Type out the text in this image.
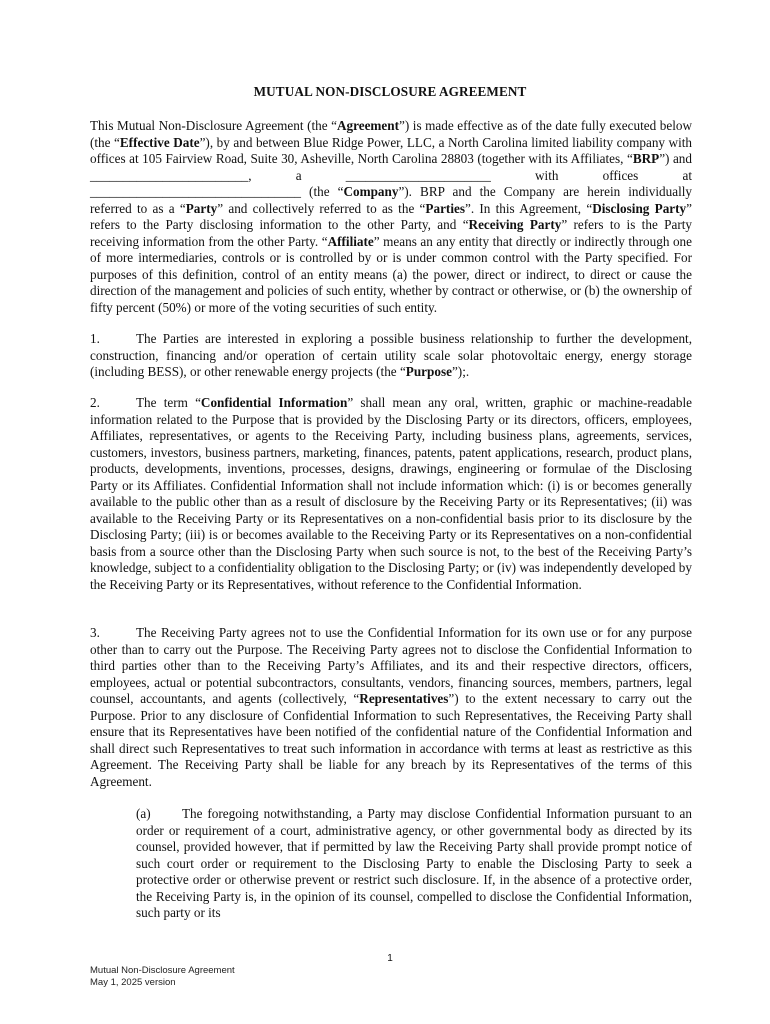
MUTUAL NON-DISCLOSURE AGREEMENT

This Mutual Non-Disclosure Agreement (the “Agreement”) is made effective as of the date fully executed below (the “Effective Date”), by and between Blue Ridge Power, LLC, a North Carolina limited liability company with offices at 105 Fairview Road, Suite 30, Asheville, North Carolina 28803 (together with its Affiliates, “BRP”) and ________________________, a ______________________ with offices at ________________________________ (the “Company”). BRP and the Company are herein individually referred to as a “Party” and collectively referred to as the “Parties”. In this Agreement, “Disclosing Party” refers to the Party disclosing information to the other Party, and “Receiving Party” refers to is the Party receiving information from the other Party. “Affiliate” means an any entity that directly or indirectly through one of more intermediaries, controls or is controlled by or is under common control with the Party specified. For purposes of this definition, control of an entity means (a) the power, direct or indirect, to direct or cause the direction of the management and policies of such entity, whether by contract or otherwise, or (b) the ownership of fifty percent (50%) or more of the voting securities of such entity.

1.	The Parties are interested in exploring a possible business relationship to further the development, construction, financing and/or operation of certain utility scale solar photovoltaic energy, energy storage (including BESS), or other renewable energy projects (the “Purpose”);.

2.	The term “Confidential Information” shall mean any oral, written, graphic or machine-readable information related to the Purpose that is provided by the Disclosing Party or its directors, officers, employees, Affiliates, representatives, or agents to the Receiving Party, including business plans, agreements, services, customers, investors, business partners, marketing, finances, patents, patent applications, research, product plans, products, developments, inventions, processes, designs, drawings, engineering or formulae of the Disclosing Party or its Affiliates. Confidential Information shall not include information which: (i) is or becomes generally available to the public other than as a result of disclosure by the Receiving Party or its Representatives; (ii) was available to the Receiving Party or its Representatives on a non-confidential basis prior to its disclosure by the Disclosing Party; (iii) is or becomes available to the Receiving Party or its Representatives on a non-confidential basis from a source other than the Disclosing Party when such source is not, to the best of the Receiving Party’s knowledge, subject to a confidentiality obligation to the Disclosing Party; or (iv) was independently developed by the Receiving Party or its Representatives, without reference to the Confidential Information.

3.	The Receiving Party agrees not to use the Confidential Information for its own use or for any purpose other than to carry out the Purpose. The Receiving Party agrees not to disclose the Confidential Information to third parties other than to the Receiving Party’s Affiliates, and its and their respective directors, officers, employees, actual or potential subcontractors, consultants, vendors, financing sources, members, partners, legal counsel, accountants, and agents (collectively, “Representatives”) to the extent necessary to carry out the Purpose. Prior to any disclosure of Confidential Information to such Representatives, the Receiving Party shall ensure that its Representatives have been notified of the confidential nature of the Confidential Information and shall direct such Representatives to treat such information in accordance with terms at least as restrictive as this Agreement. The Receiving Party shall be liable for any breach by its Representatives of the terms of this Agreement.

(a) The foregoing notwithstanding, a Party may disclose Confidential Information pursuant to an order or requirement of a court, administrative agency, or other governmental body as directed by its counsel, provided however, that if permitted by law the Receiving Party shall provide prompt notice of such court order or requirement to the Disclosing Party to enable the Disclosing Party to seek a protective order or otherwise prevent or restrict such disclosure. If, in the absence of a protective order, the Receiving Party is, in the opinion of its counsel, compelled to disclose the Confidential Information, such party or its

1
Mutual Non-Disclosure Agreement
May 1, 2025 version
